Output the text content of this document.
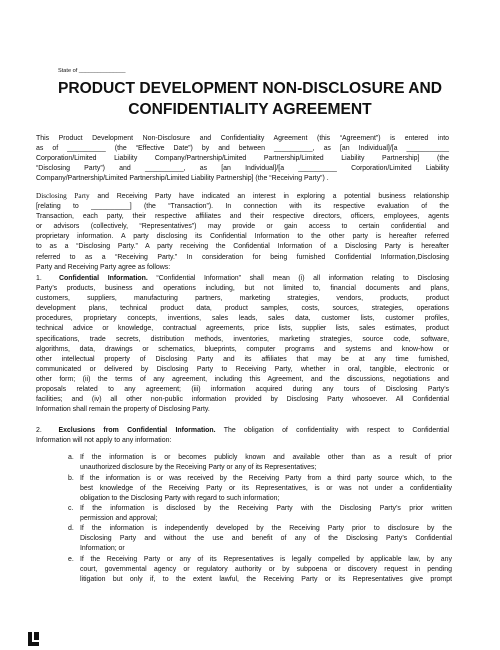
State of _______________
PRODUCT DEVELOPMENT NON-DISCLOSURE AND
CONFIDENTIALITY AGREEMENT
This Product Development Non-Disclosure and Confidentiality Agreement (this “Agreement”) is entered into
as of __________ (the “Effective Date”) by and between __________, as [an Individual]/[a ___________
Corporation/Limited Liability Company/Partnership/Limited Partnership/Limited Liability Partnership] (the
“Disclosing Party”) and __________, as [an Individual]/[a __________ Corporation/Limited Liability
Company/Partnership/Limited Partnership/Limited Liability Partnership] (the “Receiving Party”) .
Disclosing Party and Receiving Party have indicated an interest in exploring a potential business relationship
[relating to __________] (the “Transaction”). In connection with its respective evaluation of the
Transaction, each party, their respective affiliates and their respective directors, officers, employees, agents
or advisors (collectively, “Representatives”) may provide or gain access to certain confidential and
proprietary information. A party disclosing its Confidential Information to the other party is hereafter referred
to as a “Disclosing Party.” A party receiving the Confidential Information of a Disclosing Party is hereafter
referred to as a “Receiving Party.” In consideration for being furnished Confidential Information,Disclosing
Party and Receiving Party agree as follows:
1. Confidential Information. “Confidential Information” shall mean (i) all information relating to Disclosing
Party’s products, business and operations including, but not limited to, financial documents and plans,
customers, suppliers, manufacturing partners, marketing strategies, vendors, products, product
development plans, technical product data, product samples, costs, sources, strategies, operations
procedures, proprietary concepts, inventions, sales leads, sales data, customer lists, customer profiles,
technical advice or knowledge, contractual agreements, price lists, supplier lists, sales estimates, product
specifications, trade secrets, distribution methods, inventories, marketing strategies, source code, software,
algorithms, data, drawings or schematics, blueprints, computer programs and systems and know-how or
other intellectual property of Disclosing Party and its affiliates that may be at any time furnished,
communicated or delivered by Disclosing Party to Receiving Party, whether in oral, tangible, electronic or
other form; (ii) the terms of any agreement, including this Agreement, and the discussions, negotiations and
proposals related to any agreement; (iii) information acquired during any tours of Disclosing Party’s
facilities; and (iv) all other non-public information provided by Disclosing Party whosoever. All Confidential
Information shall remain the property of Disclosing Party.
2. Exclusions from Confidential Information. The obligation of confidentiality with respect to Confidential
Information will not apply to any information:
a. If the information is or becomes publicly known and available other than as a result of prior
unauthorized disclosure by the Receiving Party or any of its Representatives;
b. If the information is or was received by the Receiving Party from a third party source which, to the
best knowledge of the Receiving Party or its Representatives, is or was not under a confidentiality
obligation to the Disclosing Party with regard to such information;
c. If the information is disclosed by the Receiving Party with the Disclosing Party’s prior written
permission and approval;
d. If the information is independently developed by the Receiving Party prior to disclosure by the
Disclosing Party and without the use and benefit of any of the Disclosing Party’s Confidential
Information; or
e. If the Receiving Party or any of its Representatives is legally compelled by applicable law, by any
court, governmental agency or regulatory authority or by subpoena or discovery request in pending
litigation but only if, to the extent lawful, the Receiving Party or its Representatives give prompt
